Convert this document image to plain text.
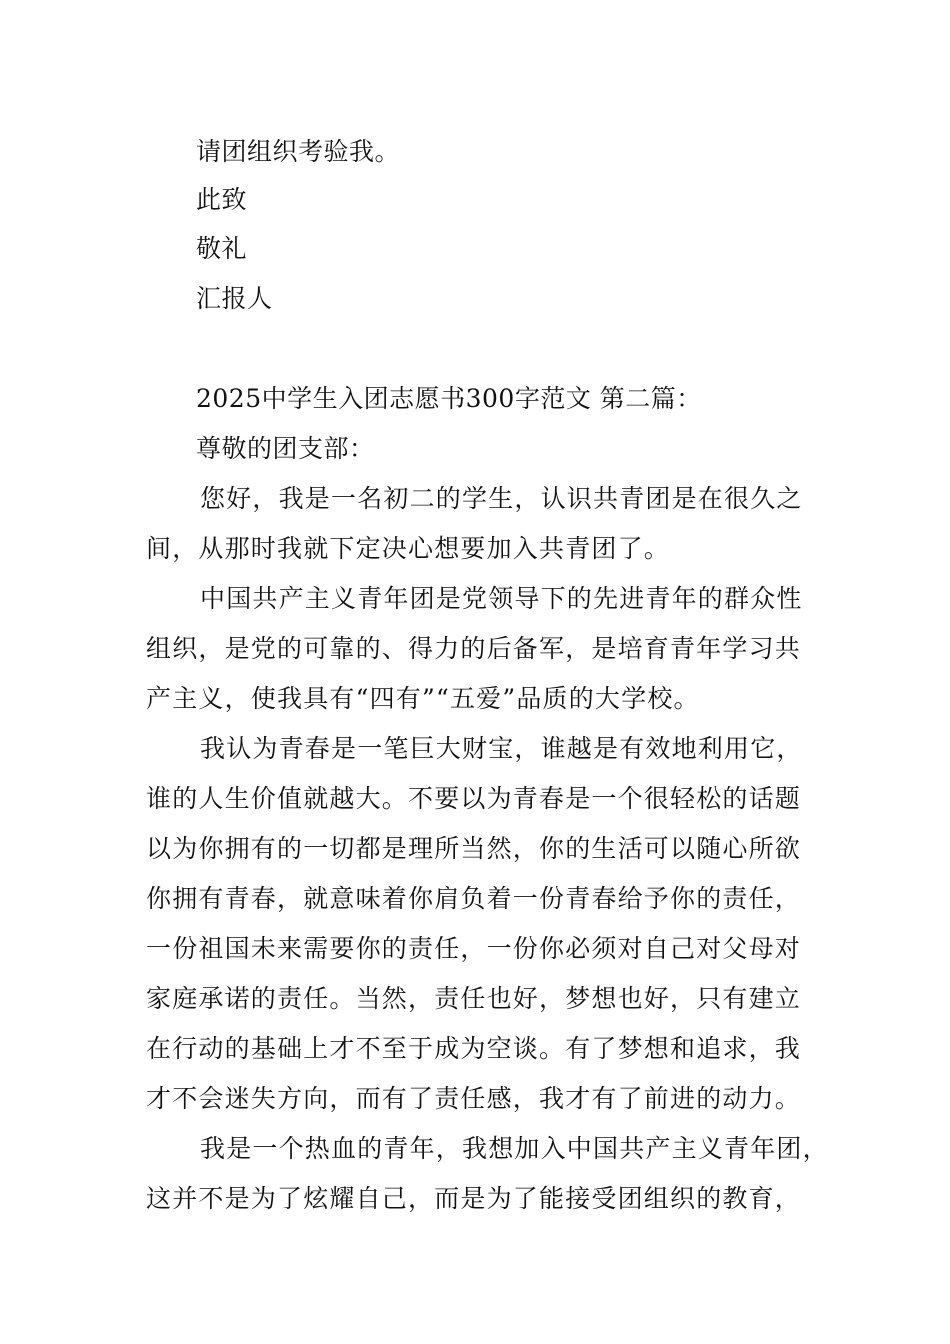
请团组织考验我。
此致
敬礼
汇报人
2025中学生入团志愿书300字范文 第二篇：
尊敬的团支部：
您好，我是一名初二的学生，认识共青团是在很久之
间，从那时我就下定决心想要加入共青团了。
中国共产主义青年团是党领导下的先进青年的群众性
组织，是党的可靠的、得力的后备军，是培育青年学习共
产主义，使我具有“四有”“五爱”品质的大学校。
我认为青春是一笔巨大财宝，谁越是有效地利用它，
谁的人生价值就越大。不要以为青春是一个很轻松的话题
以为你拥有的一切都是理所当然，你的生活可以随心所欲
你拥有青春，就意味着你肩负着一份青春给予你的责任，
一份祖国未来需要你的责任，一份你必须对自己对父母对
家庭承诺的责任。当然，责任也好，梦想也好，只有建立
在行动的基础上才不至于成为空谈。有了梦想和追求，我
才不会迷失方向，而有了责任感，我才有了前进的动力。
我是一个热血的青年，我想加入中国共产主义青年团，
这并不是为了炫耀自己，而是为了能接受团组织的教育，
